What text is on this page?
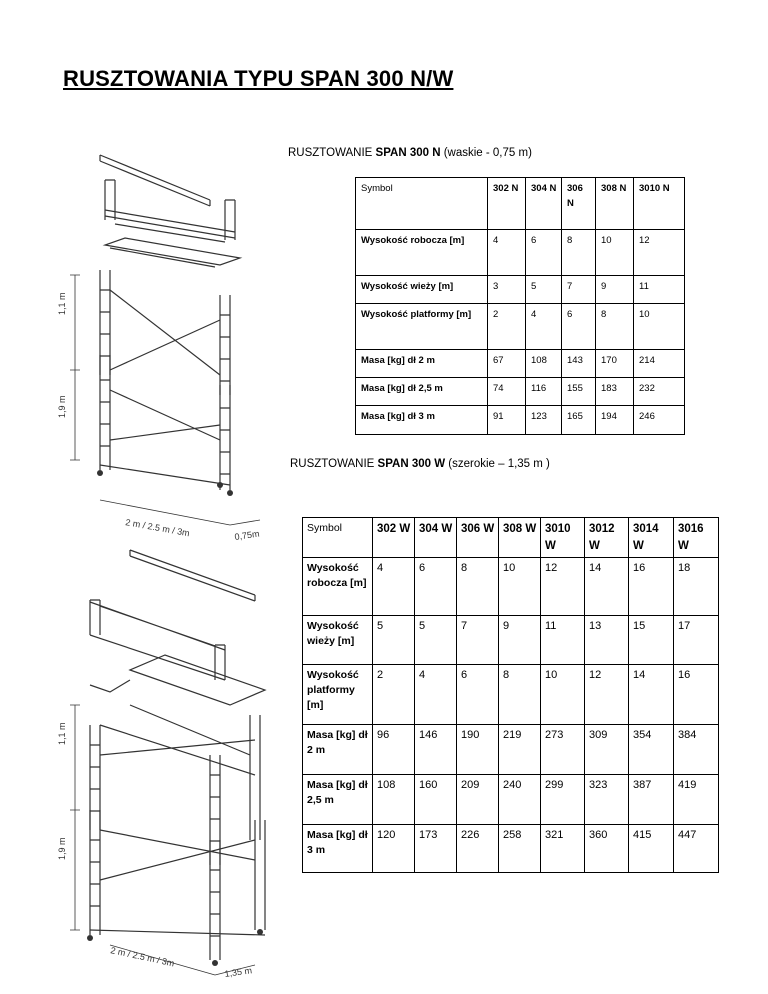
RUSZTOWANIA TYPU SPAN 300 N/W
RUSZTOWANIE SPAN 300 N (waskie - 0,75 m)
1,1 m
1,9 m
2 m / 2.5 m / 3m	0,75m
Symbol	302 N	304 N	306 N	308 N	3010 N
Wysokość robocza [m]	4	6	8	10	12
Wysokość wieży [m]	3	5	7	9	11
Wysokość platformy [m]	2	4	6	8	10
Masa [kg] dł 2 m	67	108	143	170	214
Masa [kg] dł 2,5 m	74	116	155	183	232
Masa [kg] dł 3 m	91	123	165	194	246
RUSZTOWANIE SPAN 300 W (szerokie – 1,35 m )
1,1 m
1,9 m
2 m / 2.5 m / 3m
1,35 m
Symbol	302 W	304 W	306 W	308 W	3010 W	3012 W	3014 W	3016 W
Wysokość robocza [m]	4	6	8	10	12	14	16	18
Wysokość wieży [m]	5	5	7	9	11	13	15	17
Wysokość platformy [m]	2	4	6	8	10	12	14	16
Masa [kg] dł 2 m	96	146	190	219	273	309	354	384
Masa [kg] dł 2,5 m	108	160	209	240	299	323	387	419
Masa [kg] dł 3 m	120	173	226	258	321	360	415	447
